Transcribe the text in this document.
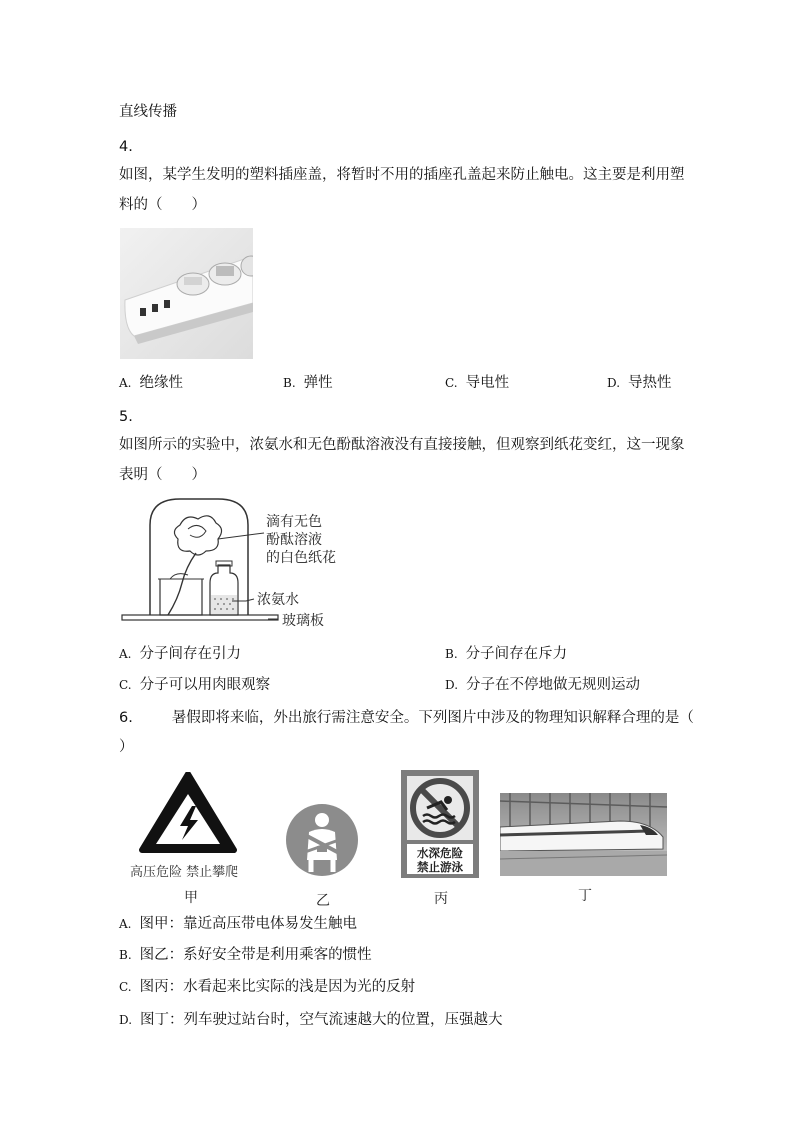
直线传播
4.
如图，某学生发明的塑料插座盖，将暂时不用的插座孔盖起来防止触电。这主要是利用塑
料的（　　）
A. 绝缘性	B. 弹性	C. 导电性	D. 导热性
5.
如图所示的实验中，浓氨水和无色酚酞溶液没有直接接触，但观察到纸花变红，这一现象
表明（　　）
滴有无色
酚酞溶液
的白色纸花
浓氨水
玻璃板
A. 分子间存在引力	B. 分子间存在斥力
C. 分子可以用肉眼观察	D. 分子在不停地做无规则运动
6.	暑假即将来临，外出旅行需注意安全。下列图片中涉及的物理知识解释合理的是（
）
高压危险 禁止攀爬
甲	乙
水深危险
禁止游泳
丙	丁
A. 图甲：靠近高压带电体易发生触电
B. 图乙：系好安全带是利用乘客的惯性
C. 图丙：水看起来比实际的浅是因为光的反射
D. 图丁：列车驶过站台时，空气流速越大的位置，压强越大
